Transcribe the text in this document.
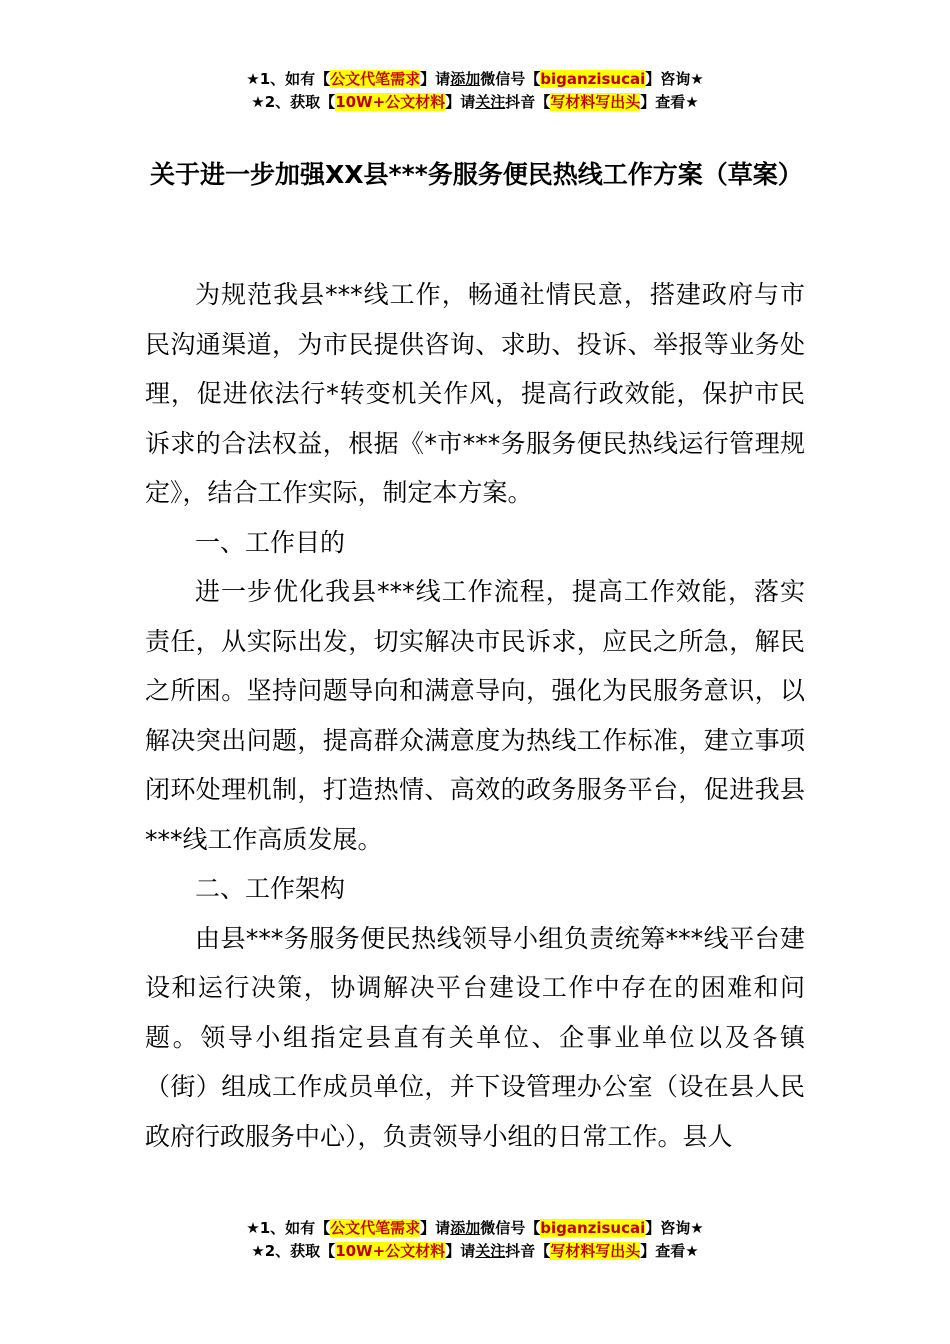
★1、如有【公文代笔需求】请添加微信号【biganzisucai】咨询★
★2、获取【10W+公文材料】请关注抖音【写材料写出头】查看★
关于进一步加强XX县***务服务便民热线工作方案（草案）

为规范我县***线工作，畅通社情民意，搭建政府与市民沟通渠道，为市民提供咨询、求助、投诉、举报等业务处理，促进依法行*转变机关作风，提高行政效能，保护市民诉求的合法权益，根据《*市***务服务便民热线运行管理规定》，结合工作实际，制定本方案。

一、工作目的

进一步优化我县***线工作流程，提高工作效能，落实责任，从实际出发，切实解决市民诉求，应民之所急，解民之所困。坚持问题导向和满意导向，强化为民服务意识，以解决突出问题，提高群众满意度为热线工作标准，建立事项闭环处理机制，打造热情、高效的政务服务平台，促进我县***线工作高质发展。

二、工作架构

由县***务服务便民热线领导小组负责统筹***线平台建设和运行决策，协调解决平台建设工作中存在的困难和问题。领导小组指定县直有关单位、企事业单位以及各镇（街）组成工作成员单位，并下设管理办公室（设在县人民政府行政服务中心），负责领导小组的日常工作。县人

★1、如有【公文代笔需求】请添加微信号【biganzisucai】咨询★
★2、获取【10W+公文材料】请关注抖音【写材料写出头】查看★
